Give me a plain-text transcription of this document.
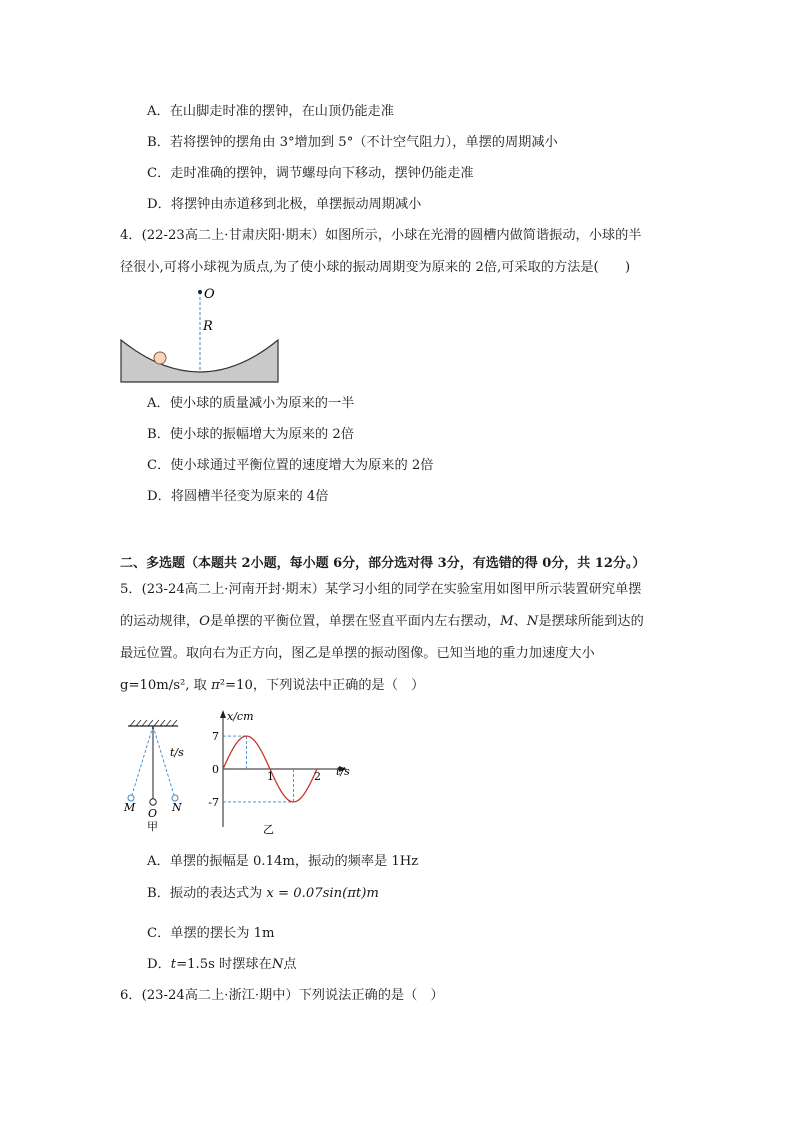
A．在山脚走时准的摆钟，在山顶仍能走准
B．若将摆钟的摆角由 3°增加到 5°（不计空气阻力），单摆的周期减小
C．走时准确的摆钟，调节螺母向下移动，摆钟仍能走准
D．将摆钟由赤道移到北极，单摆振动周期减小
4．(22-23高二上·甘肃庆阳·期末）如图所示，小球在光滑的圆槽内做简谐振动，小球的半
径很小,可将小球视为质点,为了使小球的振动周期变为原来的 2倍,可采取的方法是(　　)
O
R
A．使小球的质量减小为原来的一半
B．使小球的振幅增大为原来的 2倍
C．使小球通过平衡位置的速度增大为原来的 2倍
D．将圆槽半径变为原来的 4倍
二、多选题（本题共 2小题，每小题 6分，部分选对得 3分，有选错的得 0分，共 12分。）
5．(23-24高二上·河南开封·期末）某学习小组的同学在实验室用如图甲所示装置研究单摆
的运动规律，O是单摆的平衡位置，单摆在竖直平面内左右摆动，M、N是摆球所能到达的
最远位置。取向右为正方向，图乙是单摆的振动图像。已知当地的重力加速度大小
g=10m/s², 取 π²=10，下列说法中正确的是（　）
t/s
M O N
甲
x/cm
t/s
7
0
-7
1	2
乙
A．单摆的振幅是 0.14m，振动的频率是 1Hz
B．振动的表达式为 x = 0.07sin(πt)m
C．单摆的摆长为 1m
D．t=1.5s 时摆球在N点
6．(23-24高二上·浙江·期中）下列说法正确的是（　）
